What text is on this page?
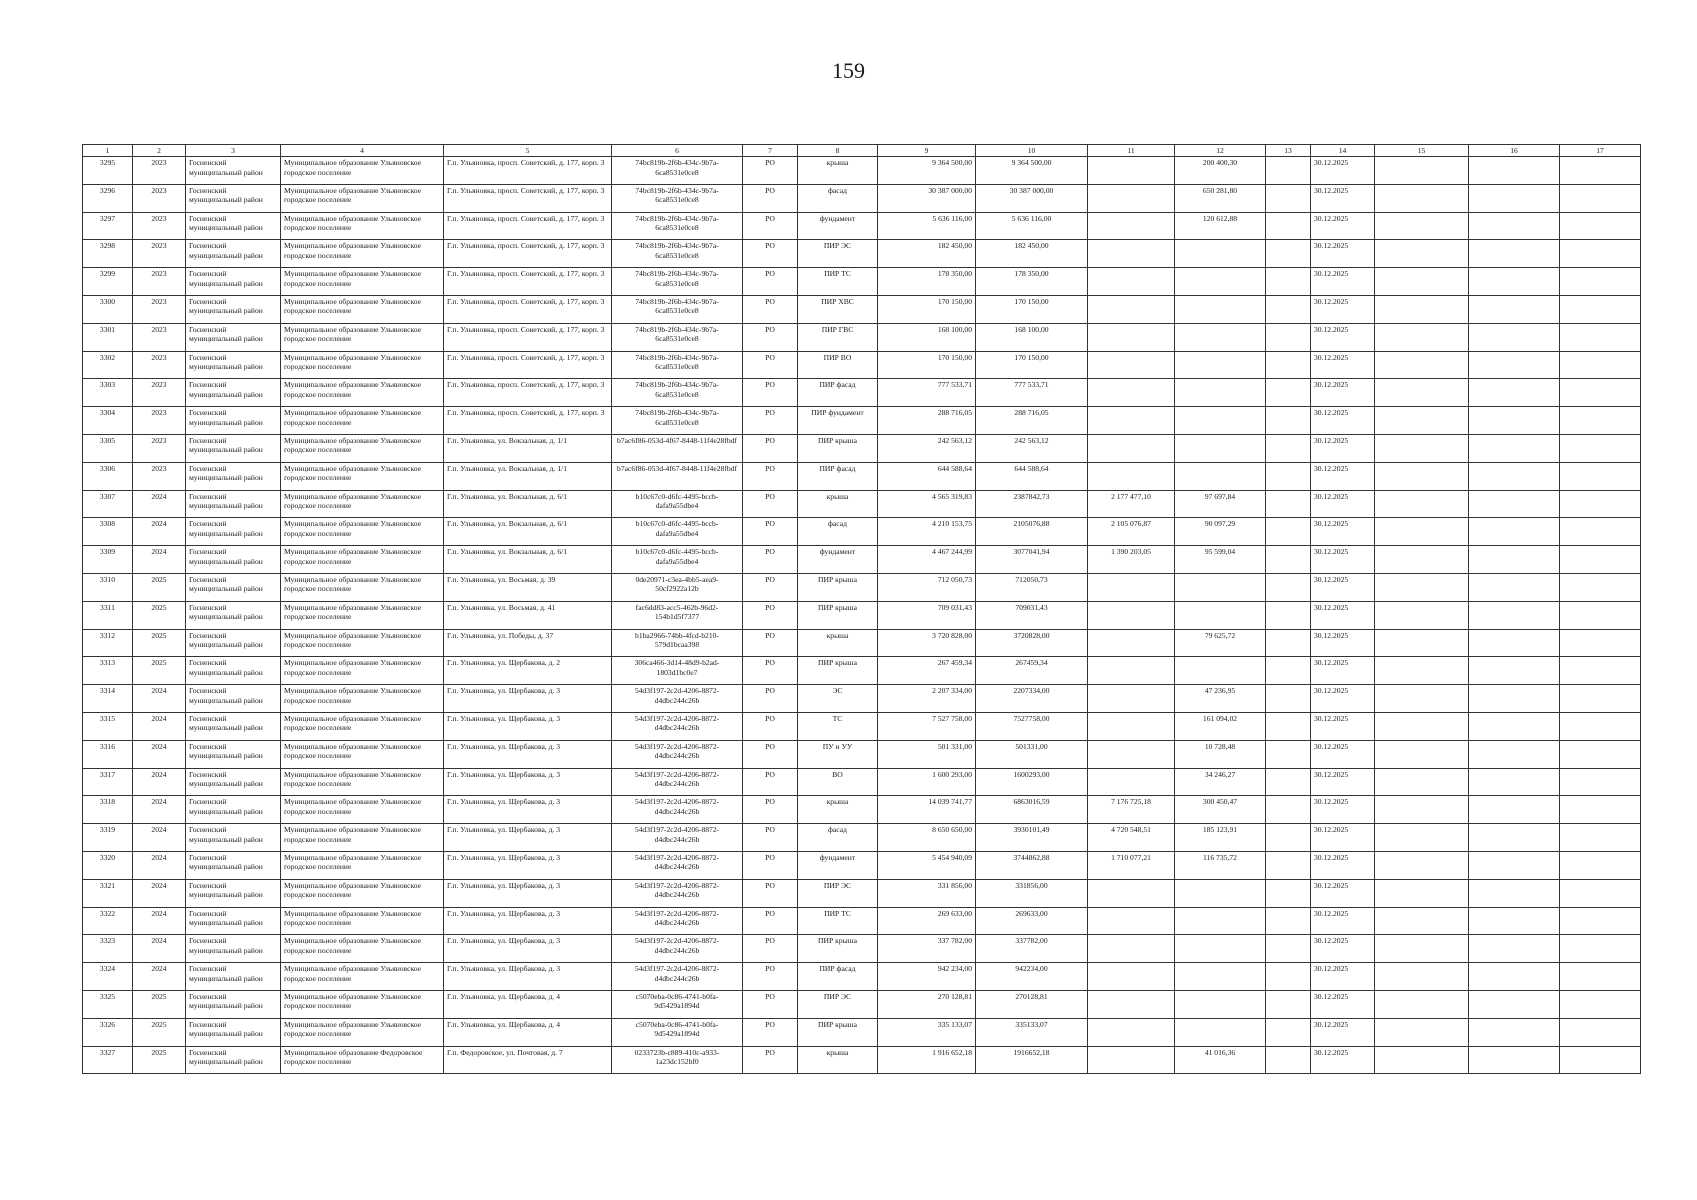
159
1	2	3	4	5	6	7	8	9	10	11	12	13	14	15	16	17
3295	2023	Гоcненский муниципальный район	Муниципальное образование Ульяновское городское поселение	Г.п. Ульяновка, просп. Советский, д. 177, корп. 3	74bc819b-2f6b-434c-9b7a-6ca8531e0ce8	РО	крыша	9 364 500,00	9 364 500,00		200 400,30		30.12.2025			
3296	2023	Гоcненский муниципальный район	Муниципальное образование Ульяновское городское поселение	Г.п. Ульяновка, просп. Советский, д. 177, корп. 3	74bc819b-2f6b-434c-9b7a-6ca8531e0ce8	РО	фасад	30 387 000,00	30 387 000,00		650 281,80		30.12.2025			
3297	2023	Гоcненский муниципальный район	Муниципальное образование Ульяновское городское поселение	Г.п. Ульяновка, просп. Советский, д. 177, корп. 3	74bc819b-2f6b-434c-9b7a-6ca8531e0ce8	РО	фундамент	5 636 116,00	5 636 116,00		120 612,88		30.12.2025			
3298	2023	Гоcненский муниципальный район	Муниципальное образование Ульяновское городское поселение	Г.п. Ульяновка, просп. Советский, д. 177, корп. 3	74bc819b-2f6b-434c-9b7a-6ca8531e0ce8	РО	ПИР ЭС	182 450,00	182 450,00				30.12.2025			
3299	2023	Гоcненский муниципальный район	Муниципальное образование Ульяновское городское поселение	Г.п. Ульяновка, просп. Советский, д. 177, корп. 3	74bc819b-2f6b-434c-9b7a-6ca8531e0ce8	РО	ПИР ТС	178 350,00	178 350,00				30.12.2025			
3300	2023	Гоcненский муниципальный район	Муниципальное образование Ульяновское городское поселение	Г.п. Ульяновка, просп. Советский, д. 177, корп. 3	74bc819b-2f6b-434c-9b7a-6ca8531e0ce8	РО	ПИР ХВС	170 150,00	170 150,00				30.12.2025			
3301	2023	Гоcненский муниципальный район	Муниципальное образование Ульяновское городское поселение	Г.п. Ульяновка, просп. Советский, д. 177, корп. 3	74bc819b-2f6b-434c-9b7a-6ca8531e0ce8	РО	ПИР ГВС	168 100,00	168 100,00				30.12.2025			
3302	2023	Гоcненский муниципальный район	Муниципальное образование Ульяновское городское поселение	Г.п. Ульяновка, просп. Советский, д. 177, корп. 3	74bc819b-2f6b-434c-9b7a-6ca8531e0ce8	РО	ПИР ВО	170 150,00	170 150,00				30.12.2025			
3303	2023	Гоcненский муниципальный район	Муниципальное образование Ульяновское городское поселение	Г.п. Ульяновка, просп. Советский, д. 177, корп. 3	74bc819b-2f6b-434c-9b7a-6ca8531e0ce8	РО	ПИР фасад	777 533,71	777 533,71				30.12.2025			
3304	2023	Гоcненский муниципальный район	Муниципальное образование Ульяновское городское поселение	Г.п. Ульяновка, просп. Советский, д. 177, корп. 3	74bc819b-2f6b-434c-9b7a-6ca8531e0ce8	РО	ПИР фундамент	288 716,05	288 716,05				30.12.2025			
3305	2023	Гоcненский муниципальный район	Муниципальное образование Ульяновское городское поселение	Г.п. Ульяновка, ул. Вокзальная, д. 1/1	b7ac6f86-053d-4f67-8448-11f4e28fbdf	РО	ПИР крыша	242 563,12	242 563,12				30.12.2025			
3306	2023	Гоcненский муниципальный район	Муниципальное образование Ульяновское городское поселение	Г.п. Ульяновка, ул. Вокзальная, д. 1/1	b7ac6f86-053d-4f67-8448-11f4e28fbdf	РО	ПИР фасад	644 588,64	644 588,64				30.12.2025			
3307	2024	Гоcненский муниципальный район	Муниципальное образование Ульяновское городское поселение	Г.п. Ульяновка, ул. Вокзальная, д. 6/1	b10c67c0-d6fc-4495-bccb-dafa9a55dbe4	РО	крыша	4 565 319,83	2387842,73	2 177 477,10	97 697,84		30.12.2025			
3308	2024	Гоcненский муниципальный район	Муниципальное образование Ульяновское городское поселение	Г.п. Ульяновка, ул. Вокзальная, д. 6/1	b10c67c0-d6fc-4495-bccb-dafa9a55dbe4	РО	фасад	4 210 153,75	2105076,88	2 105 076,87	90 097,29		30.12.2025			
3309	2024	Гоcненский муниципальный район	Муниципальное образование Ульяновское городское поселение	Г.п. Ульяновка, ул. Вокзальная, д. 6/1	b10c67c0-d6fc-4495-bccb-dafa9a55dbe4	РО	фундамент	4 467 244,99	3077041,94	1 390 203,05	95 599,04		30.12.2025			
3310	2025	Гоcненский муниципальный район	Муниципальное образование Ульяновское городское поселение	Г.п. Ульяновка, ул. Восьмая, д. 39	0de20971-c3ea-4bb5-aea9-50cf2922a12b	РО	ПИР крыша	712 050,73	712050,73				30.12.2025			
3311	2025	Гоcненский муниципальный район	Муниципальное образование Ульяновское городское поселение	Г.п. Ульяновка, ул. Восьмая, д. 41	fac6dd83-acc5-462b-96d2-154b1d5f7377	РО	ПИР крыша	709 031,43	709031,43				30.12.2025			
3312	2025	Гоcненский муниципальный район	Муниципальное образование Ульяновское городское поселение	Г.п. Ульяновка, ул. Победы, д. 37	b1ba2966-74bb-4fcd-b210-579d1bcaa398	РО	крыша	3 720 828,00	3720828,00		79 625,72		30.12.2025			
3313	2025	Гоcненский муниципальный район	Муниципальное образование Ульяновское городское поселение	Г.п. Ульяновка, ул. Щербакова, д. 2	306ca466-3d14-48d9-b2ad-1803d1bc0e7	РО	ПИР крыша	267 459,34	267459,34				30.12.2025			
3314	2024	Гоcненский муниципальный район	Муниципальное образование Ульяновское городское поселение	Г.п. Ульяновка, ул. Щербакова, д. 3	54d3f197-2c2d-4206-8872-d4dbc244c26b	РО	ЭС	2 207 334,00	2207334,00		47 236,95		30.12.2025			
3315	2024	Гоcненский муниципальный район	Муниципальное образование Ульяновское городское поселение	Г.п. Ульяновка, ул. Щербакова, д. 3	54d3f197-2c2d-4206-8872-d4dbc244c26b	РО	ТС	7 527 758,00	7527758,00		161 094,02		30.12.2025			
3316	2024	Гоcненский муниципальный район	Муниципальное образование Ульяновское городское поселение	Г.п. Ульяновка, ул. Щербакова, д. 3	54d3f197-2c2d-4206-8872-d4dbc244c26b	РО	ПУ и УУ	501 331,00	501331,00		10 728,48		30.12.2025			
3317	2024	Гоcненский муниципальный район	Муниципальное образование Ульяновское городское поселение	Г.п. Ульяновка, ул. Щербакова, д. 3	54d3f197-2c2d-4206-8872-d4dbc244c26b	РО	ВО	1 600 293,00	1600293,00		34 246,27		30.12.2025			
3318	2024	Гоcненский муниципальный район	Муниципальное образование Ульяновское городское поселение	Г.п. Ульяновка, ул. Щербакова, д. 3	54d3f197-2c2d-4206-8872-d4dbc244c26b	РО	крыша	14 039 741,77	6863016,59	7 176 725,18	300 450,47		30.12.2025			
3319	2024	Гоcненский муниципальный район	Муниципальное образование Ульяновское городское поселение	Г.п. Ульяновка, ул. Щербакова, д. 3	54d3f197-2c2d-4206-8872-d4dbc244c26b	РО	фасад	8 650 650,00	3930101,49	4 720 548,51	185 123,91		30.12.2025			
3320	2024	Гоcненский муниципальный район	Муниципальное образование Ульяновское городское поселение	Г.п. Ульяновка, ул. Щербакова, д. 3	54d3f197-2c2d-4206-8872-d4dbc244c26b	РО	фундамент	5 454 940,09	3744862,88	1 710 077,21	116 735,72		30.12.2025			
3321	2024	Гоcненский муниципальный район	Муниципальное образование Ульяновское городское поселение	Г.п. Ульяновка, ул. Щербакова, д. 3	54d3f197-2c2d-4206-8872-d4dbc244c26b	РО	ПИР ЭС	331 856,00	331856,00				30.12.2025			
3322	2024	Гоcненский муниципальный район	Муниципальное образование Ульяновское городское поселение	Г.п. Ульяновка, ул. Щербакова, д. 3	54d3f197-2c2d-4206-8872-d4dbc244c26b	РО	ПИР ТС	269 633,00	269633,00				30.12.2025			
3323	2024	Гоcненский муниципальный район	Муниципальное образование Ульяновское городское поселение	Г.п. Ульяновка, ул. Щербакова, д. 3	54d3f197-2c2d-4206-8872-d4dbc244c26b	РО	ПИР крыша	337 782,00	337782,00				30.12.2025			
3324	2024	Гоcненский муниципальный район	Муниципальное образование Ульяновское городское поселение	Г.п. Ульяновка, ул. Щербакова, д. 3	54d3f197-2c2d-4206-8872-d4dbc244c26b	РО	ПИР фасад	942 234,00	942234,00				30.12.2025			
3325	2025	Гоcненский муниципальный район	Муниципальное образование Ульяновское городское поселение	Г.п. Ульяновка, ул. Щербакова, д. 4	c5070eba-0c86-4741-b0fa-9d5429a1894d	РО	ПИР ЭС	270 128,81	270128,81				30.12.2025			
3326	2025	Гоcненский муниципальный район	Муниципальное образование Ульяновское городское поселение	Г.п. Ульяновка, ул. Щербакова, д. 4	c5070eba-0c86-4741-b0fa-9d5429a1894d	РО	ПИР крыша	335 133,07	335133,07				30.12.2025			
3327	2025	Гоcненский муниципальный район	Муниципальное образование Федоровское городское поселение	Г.п. Федоровское, ул. Почтовая, д. 7	0233723b-c889-410c-a933-1a23dc152bf0	РО	крыша	1 916 652,18	1916652,18		41 016,36		30.12.2025			
